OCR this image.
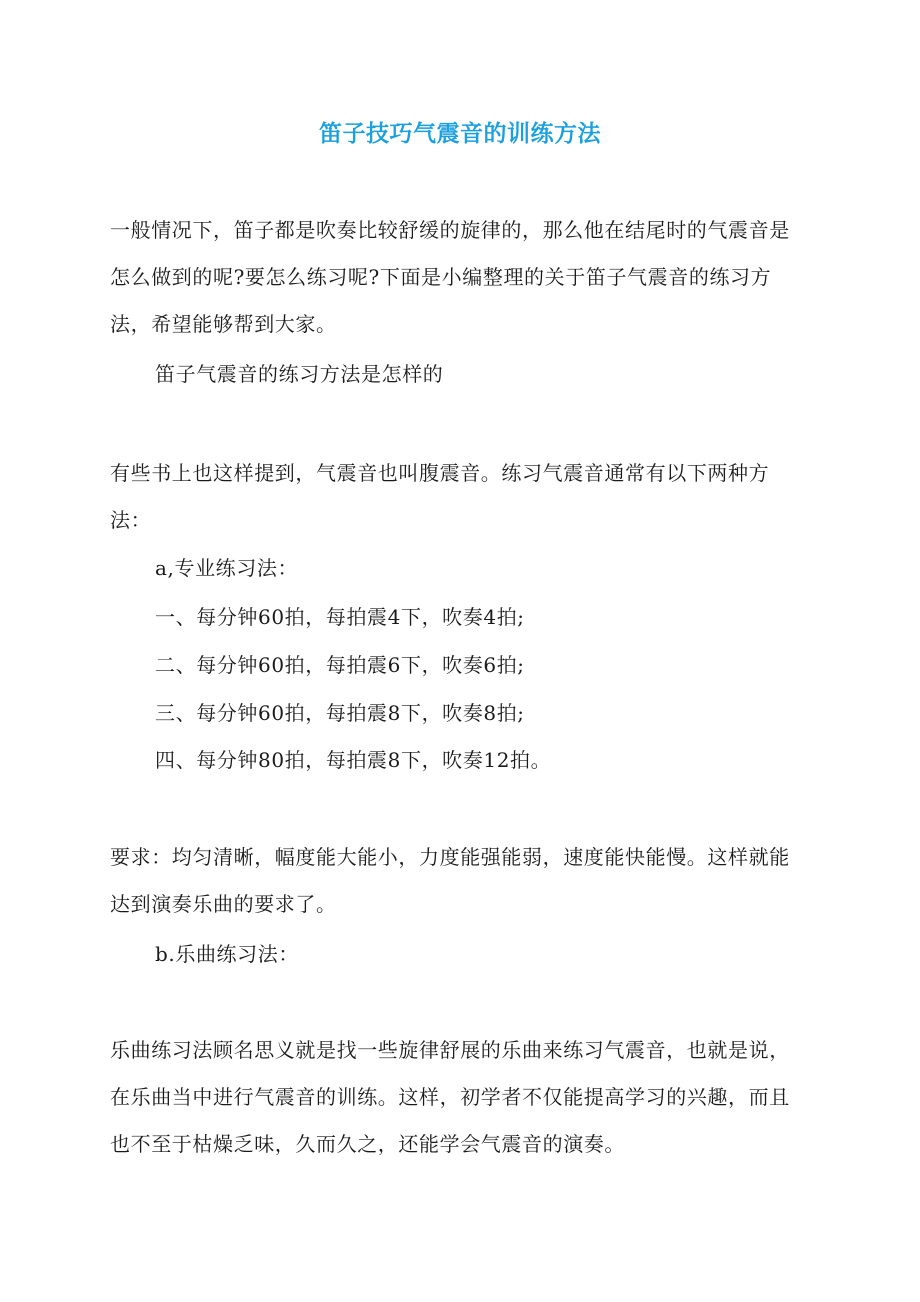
笛子技巧气震音的训练方法
一般情况下，笛子都是吹奏比较舒缓的旋律的，那么他在结尾时的气震音是怎么做到的呢?要怎么练习呢?下面是小编整理的关于笛子气震音的练习方法，希望能够帮到大家。
笛子气震音的练习方法是怎样的
有些书上也这样提到，气震音也叫腹震音。练习气震音通常有以下两种方法：
a,专业练习法：
一、每分钟60拍，每拍震4下，吹奏4拍;
二、每分钟60拍，每拍震6下，吹奏6拍;
三、每分钟60拍，每拍震8下，吹奏8拍;
四、每分钟80拍，每拍震8下，吹奏12拍。
要求：均匀清晰，幅度能大能小，力度能强能弱，速度能快能慢。这样就能达到演奏乐曲的要求了。
b.乐曲练习法：
乐曲练习法顾名思义就是找一些旋律舒展的乐曲来练习气震音，也就是说，在乐曲当中进行气震音的训练。这样，初学者不仅能提高学习的兴趣，而且也不至于枯燥乏味，久而久之，还能学会气震音的演奏。
